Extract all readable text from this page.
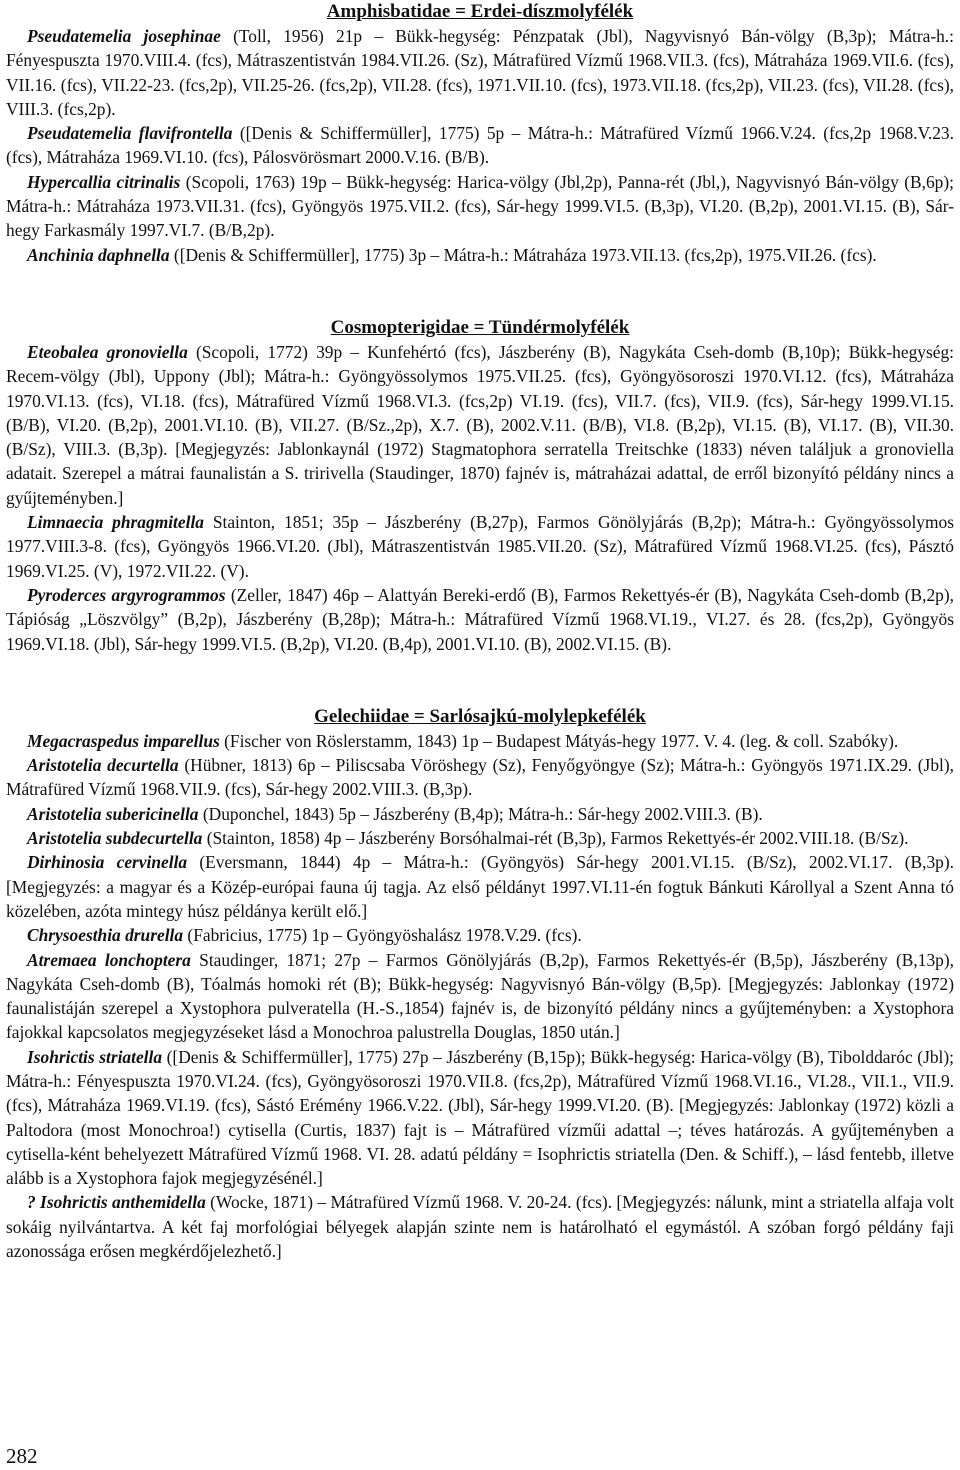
Amphisbatidae = Erdei-díszmolyfélék

Pseudatemelia josephinae (Toll, 1956) 21p – Bükk-hegység: Pénzpatak (Jbl), Nagyvisnyó Bán-völgy (B,3p); Mátra-h.: Fényespuszta 1970.VIII.4. (fcs), Mátraszentistván 1984.VII.26. (Sz), Mátrafüred Vízmű 1968.VII.3. (fcs), Mátraháza 1969.VII.6. (fcs), VII.16. (fcs), VII.22-23. (fcs,2p), VII.25-26. (fcs,2p), VII.28. (fcs), 1971.VII.10. (fcs), 1973.VII.18. (fcs,2p), VII.23. (fcs), VII.28. (fcs), VIII.3. (fcs,2p).

Pseudatemelia flavifrontella ([Denis & Schiffermüller], 1775) 5p – Mátra-h.: Mátrafüred Vízmű 1966.V.24. (fcs,2p 1968.V.23. (fcs), Mátraháza 1969.VI.10. (fcs), Pálosvörösmart 2000.V.16. (B/B).

Hypercallia citrinalis (Scopoli, 1763) 19p – Bükk-hegység: Harica-völgy (Jbl,2p), Panna-rét (Jbl,), Nagyvisnyó Bán-völgy (B,6p); Mátra-h.: Mátraháza 1973.VII.31. (fcs), Gyöngyös 1975.VII.2. (fcs), Sár-hegy 1999.VI.5. (B,3p), VI.20. (B,2p), 2001.VI.15. (B), Sár-hegy Farkasmály 1997.VI.7. (B/B,2p).

Anchinia daphnella ([Denis & Schiffermüller], 1775) 3p – Mátra-h.: Mátraháza 1973.VII.13. (fcs,2p), 1975.VII.26. (fcs).

Cosmopterigidae = Tündérmolyfélék

Eteobalea gronoviella (Scopoli, 1772) 39p – Kunfehértó (fcs), Jászberény (B), Nagykáta Cseh-domb (B,10p); Bükk-hegység: Recem-völgy (Jbl), Uppony (Jbl); Mátra-h.: Gyöngyössolymos 1975.VII.25. (fcs), Gyöngyösoroszi 1970.VI.12. (fcs), Mátraháza 1970.VI.13. (fcs), VI.18. (fcs), Mátrafüred Vízmű 1968.VI.3. (fcs,2p) VI.19. (fcs), VII.7. (fcs), VII.9. (fcs), Sár-hegy 1999.VI.15. (B/B), VI.20. (B,2p), 2001.VI.10. (B), VII.27. (B/Sz.,2p), X.7. (B), 2002.V.11. (B/B), VI.8. (B,2p), VI.15. (B), VI.17. (B), VII.30. (B/Sz), VIII.3. (B,3p). [Megjegyzés: Jablonkaynál (1972) Stagmatophora serratella Treitschke (1833) néven találjuk a gronoviella adatait. Szerepel a mátrai faunalistán a S. tririvella (Staudinger, 1870) fajnév is, mátraházai adattal, de erről bizonyító példány nincs a gyűjteményben.]

Limnaecia phragmitella Stainton, 1851; 35p – Jászberény (B,27p), Farmos Gönölyjárás (B,2p); Mátra-h.: Gyöngyössolymos 1977.VIII.3-8. (fcs), Gyöngyös 1966.VI.20. (Jbl), Mátraszentistván 1985.VII.20. (Sz), Mátrafüred Vízmű 1968.VI.25. (fcs), Pásztó 1969.VI.25. (V), 1972.VII.22. (V).

Pyroderces argyrogrammos (Zeller, 1847) 46p – Alattyán Bereki-erdő (B), Farmos Rekettyés-ér (B), Nagykáta Cseh-domb (B,2p), Tápióság „Löszvölgy” (B,2p), Jászberény (B,28p); Mátra-h.: Mátrafüred Vízmű 1968.VI.19., VI.27. és 28. (fcs,2p), Gyöngyös 1969.VI.18. (Jbl), Sár-hegy 1999.VI.5. (B,2p), VI.20. (B,4p), 2001.VI.10. (B), 2002.VI.15. (B).

Gelechiidae = Sarlósajkú-molylepkefélék

Megacraspedus imparellus (Fischer von Röslerstamm, 1843) 1p – Budapest Mátyás-hegy 1977. V. 4. (leg. & coll. Szabóky).

Aristotelia decurtella (Hübner, 1813) 6p – Piliscsaba Vöröshegy (Sz), Fenyőgyöngye (Sz); Mátra-h.: Gyöngyös 1971.IX.29. (Jbl), Mátrafüred Vízmű 1968.VII.9. (fcs), Sár-hegy 2002.VIII.3. (B,3p).

Aristotelia subericinella (Duponchel, 1843) 5p – Jászberény (B,4p); Mátra-h.: Sár-hegy 2002.VIII.3. (B).

Aristotelia subdecurtella (Stainton, 1858) 4p – Jászberény Borsóhalmai-rét (B,3p), Farmos Rekettyés-ér 2002.VIII.18. (B/Sz).

Dirhinosia cervinella (Eversmann, 1844) 4p – Mátra-h.: (Gyöngyös) Sár-hegy 2001.VI.15. (B/Sz), 2002.VI.17. (B,3p). [Megjegyzés: a magyar és a Közép-európai fauna új tagja. Az első példányt 1997.VI.11-én fogtuk Bánkuti Károllyal a Szent Anna tó közelében, azóta mintegy húsz példánya került elő.]

Chrysoesthia drurella (Fabricius, 1775) 1p – Gyöngyöshalász 1978.V.29. (fcs).

Atremaea lonchoptera Staudinger, 1871; 27p – Farmos Gönölyjárás (B,2p), Farmos Rekettyés-ér (B,5p), Jászberény (B,13p), Nagykáta Cseh-domb (B), Tóalmás homoki rét (B); Bükk-hegység: Nagyvisnyó Bán-völgy (B,5p). [Megjegyzés: Jablonkay (1972) faunalistáján szerepel a Xystophora pulveratella (H.-S.,1854) fajnév is, de bizonyító példány nincs a gyűjteményben: a Xystophora fajokkal kapcsolatos megjegyzéseket lásd a Monochroa palustrella Douglas, 1850 után.]

Isohrictis striatella ([Denis & Schiffermüller], 1775) 27p – Jászberény (B,15p); Bükk-hegység: Harica-völgy (B), Tibolddaróc (Jbl); Mátra-h.: Fényespuszta 1970.VI.24. (fcs), Gyöngyösoroszi 1970.VII.8. (fcs,2p), Mátrafüred Vízmű 1968.VI.16., VI.28., VII.1., VII.9. (fcs), Mátraháza 1969.VI.19. (fcs), Sástó Erémény 1966.V.22. (Jbl), Sár-hegy 1999.VI.20. (B). [Megjegyzés: Jablonkay (1972) közli a Paltodora (most Monochroa!) cytisella (Curtis, 1837) fajt is – Mátrafüred vízműi adattal –; téves határozás. A gyűjteményben a cytisella-ként behelyezett Mátrafüred Vízmű 1968. VI. 28. adatú példány = Isophrictis striatella (Den. & Schiff.), – lásd fentebb, illetve alább is a Xystophora fajok megjegyzésénél.]

? Isohrictis anthemidella (Wocke, 1871) – Mátrafüred Vízmű 1968. V. 20-24. (fcs). [Megjegyzés: nálunk, mint a striatella alfaja volt sokáig nyilvántartva. A két faj morfológiai bélyegek alapján szinte nem is határolható el egymástól. A szóban forgó példány faji azonossága erősen megkérdőjelezhető.]

282
